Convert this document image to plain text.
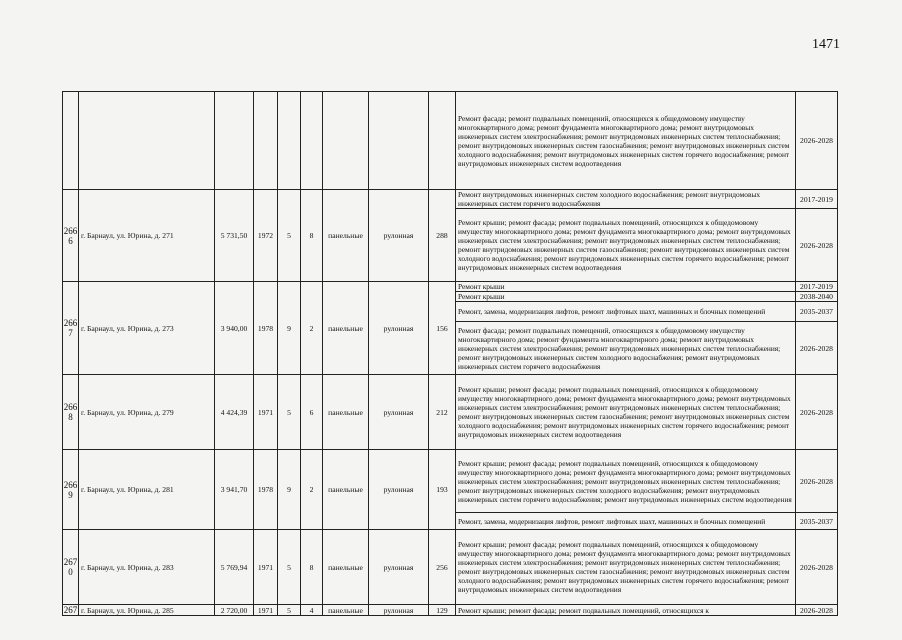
1471
									Ремонт фасада; ремонт подвальных помещений, относящихся к общедомовому имуществу многоквартирного дома; ремонт фундамента многоквартирного дома; ремонт внутридомовых инженерных систем электроснабжения; ремонт внутридомовых инженерных систем теплоснабжения; ремонт внутридомовых инженерных систем газоснабжения; ремонт внутридомовых инженерных систем холодного водоснабжения; ремонт внутридомовых инженерных систем горячего водоснабжения; ремонт внутридомовых инженерных систем водоотведения	2026-2028
266 6	г. Барнаул, ул. Юрина, д. 271	5 731,50	1972	5	8	панельные	рулонная	288	Ремонт внутридомовых инженерных систем холодного водоснабжения; ремонт внутридомовых инженерных систем горячего водоснабжения	2017-2019
									Ремонт крыши; ремонт фасада; ремонт подвальных помещений, относящихся к общедомовому имуществу многоквартирного дома; ремонт фундамента многоквартирного дома; ремонт внутридомовых инженерных систем электроснабжения; ремонт внутридомовых инженерных систем теплоснабжения; ремонт внутридомовых инженерных систем газоснабжения; ремонт внутридомовых инженерных систем холодного водоснабжения; ремонт внутридомовых инженерных систем горячего водоснабжения; ремонт внутридомовых инженерных систем водоотведения	2026-2028
266 7	г. Барнаул, ул. Юрина, д. 273	3 940,00	1978	9	2	панельные	рулонная	156	Ремонт крыши	2017-2019
									Ремонт крыши	2038-2040
									Ремонт, замена, модернизация лифтов, ремонт лифтовых шахт, машинных и блочных помещений	2035-2037
									Ремонт фасада; ремонт подвальных помещений, относящихся к общедомовому имуществу многоквартирного дома; ремонт фундамента многоквартирного дома; ремонт внутридомовых инженерных систем электроснабжения; ремонт внутридомовых инженерных систем теплоснабжения; ремонт внутридомовых инженерных систем холодного водоснабжения; ремонт внутридомовых инженерных систем горячего водоснабжения	2026-2028
266 8	г. Барнаул, ул. Юрина, д. 279	4 424,39	1971	5	6	панельные	рулонная	212	Ремонт крыши; ремонт фасада; ремонт подвальных помещений, относящихся к общедомовому имуществу многоквартирного дома; ремонт фундамента многоквартирного дома; ремонт внутридомовых инженерных систем электроснабжения; ремонт внутридомовых инженерных систем теплоснабжения; ремонт внутридомовых инженерных систем газоснабжения; ремонт внутридомовых инженерных систем холодного водоснабжения; ремонт внутридомовых инженерных систем горячего водоснабжения; ремонт внутридомовых инженерных систем водоотведения	2026-2028
266 9	г. Барнаул, ул. Юрина, д. 281	3 941,70	1978	9	2	панельные	рулонная	193	Ремонт крыши; ремонт фасада; ремонт подвальных помещений, относящихся к общедомовому имуществу многоквартирного дома; ремонт фундамента многоквартирного дома; ремонт внутридомовых инженерных систем электроснабжения; ремонт внутридомовых инженерных систем теплоснабжения; ремонт внутридомовых инженерных систем холодного водоснабжения; ремонт внутридомовых инженерных систем горячего водоснабжения; ремонт внутридомовых инженерных систем водоотведения	2026-2028
									Ремонт, замена, модернизация лифтов, ремонт лифтовых шахт, машинных и блочных помещений	2035-2037
267 0	г. Барнаул, ул. Юрина, д. 283	5 769,94	1971	5	8	панельные	рулонная	256	Ремонт крыши; ремонт фасада; ремонт подвальных помещений, относящихся к общедомовому имуществу многоквартирного дома; ремонт фундамента многоквартирного дома; ремонт внутридомовых инженерных систем электроснабжения; ремонт внутридомовых инженерных систем теплоснабжения; ремонт внутридомовых инженерных систем газоснабжения; ремонт внутридомовых инженерных систем холодного водоснабжения; ремонт внутридомовых инженерных систем горячего водоснабжения; ремонт внутридомовых инженерных систем водоотведения	2026-2028
267	г. Барнаул, ул. Юрина, д. 285	2 720,00	1971	5	4	панельные	рулонная	129	Ремонт крыши; ремонт фасада; ремонт подвальных помещений, относящихся к	2026-2028
